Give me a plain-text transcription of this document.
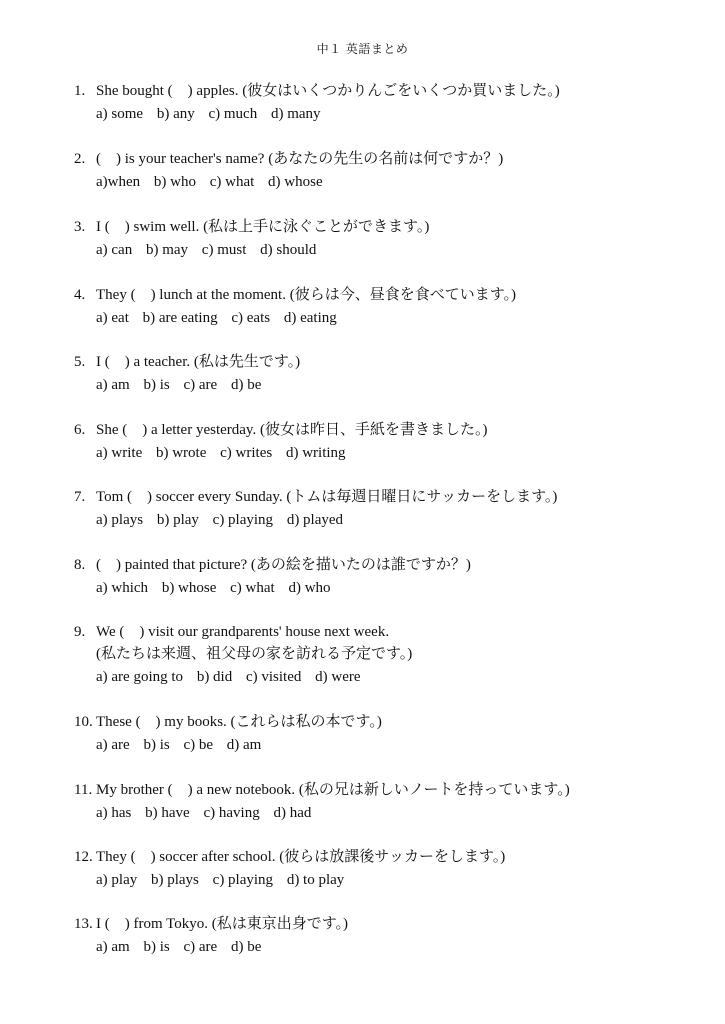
中１ 英語まとめ
1. She bought (　) apples. (彼女はいくつかりんごをいくつか買いました。)
a) some b) any c) much d) many
2. (　) is your teacher's name? (あなたの先生の名前は何ですか？)
a)when b) who c) what d) whose
3. I (　) swim well. (私は上手に泳ぐことができます。)
a) can b) may c) must d) should
4. They (　) lunch at the moment. (彼らは今、昼食を食べています。)
a) eat b) are eating c) eats d) eating
5. I (　) a teacher. (私は先生です。)
a) am b) is c) are d) be
6. She (　) a letter yesterday. (彼女は昨日、手紙を書きました。)
a) write b) wrote c) writes d) writing
7. Tom (　) soccer every Sunday. (トムは毎週日曜日にサッカーをします。)
a) plays b) play c) playing d) played
8. (　) painted that picture? (あの絵を描いたのは誰ですか？)
a) which b) whose c) what d) who
9. We (　) visit our grandparents' house next week.
(私たちは来週、祖父母の家を訪れる予定です。)
a) are going to b) did c) visited d) were
10. These (　) my books. (これらは私の本です。)
a) are b) is c) be d) am
11. My brother (　) a new notebook. (私の兄は新しいノートを持っています。)
a) has b) have c) having d) had
12. They (　) soccer after school. (彼らは放課後サッカーをします。)
a) play b) plays c) playing d) to play
13. I (　) from Tokyo. (私は東京出身です。)
a) am b) is c) are d) be
